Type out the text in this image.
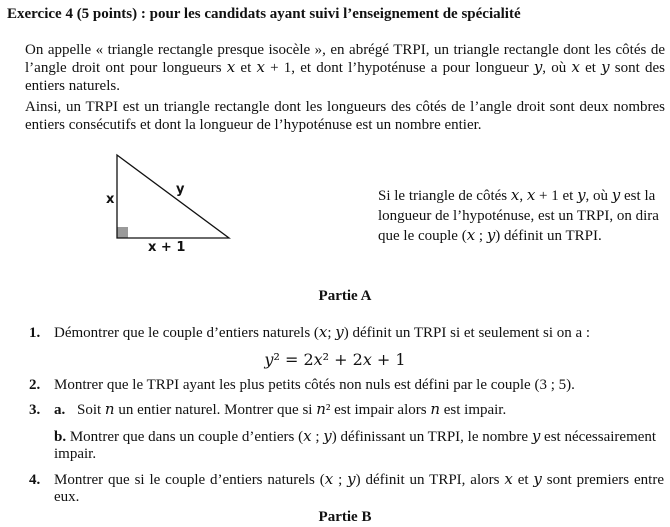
Exercice 4 (5 points) : pour les candidats ayant suivi l’enseignement de spécialité
On appelle « triangle rectangle presque isocèle », en abrégé TRPI, un triangle rectangle dont les côtés de l’angle droit ont pour longueurs 𝑥 et 𝑥 + 1, et dont l’hypoténuse a pour longueur 𝑦, où 𝑥 et 𝑦 sont des entiers naturels.
Ainsi, un TRPI est un triangle rectangle dont les longueurs des côtés de l’angle droit sont deux nombres entiers consécutifs et dont la longueur de l’hypoténuse est un nombre entier.
x
y
x + 1
Si le triangle de côtés 𝑥, 𝑥 + 1 et 𝑦, où 𝑦 est la longueur de l’hypoténuse, est un TRPI, on dira que le couple (𝑥 ; 𝑦) définit un TRPI.
Partie A
1. Démontrer que le couple d’entiers naturels (𝑥; 𝑦) définit un TRPI si et seulement si on a :
𝑦² = 2𝑥² + 2𝑥 + 1
2. Montrer que le TRPI ayant les plus petits côtés non nuls est défini par le couple (3 ; 5).
3. a. Soit 𝑛 un entier naturel. Montrer que si 𝑛² est impair alors 𝑛 est impair.
b. Montrer que dans un couple d’entiers (𝑥 ; 𝑦) définissant un TRPI, le nombre 𝑦 est nécessairement impair.
4. Montrer que si le couple d’entiers naturels (𝑥 ; 𝑦) définit un TRPI, alors 𝑥 et 𝑦 sont premiers entre eux.
Partie B
